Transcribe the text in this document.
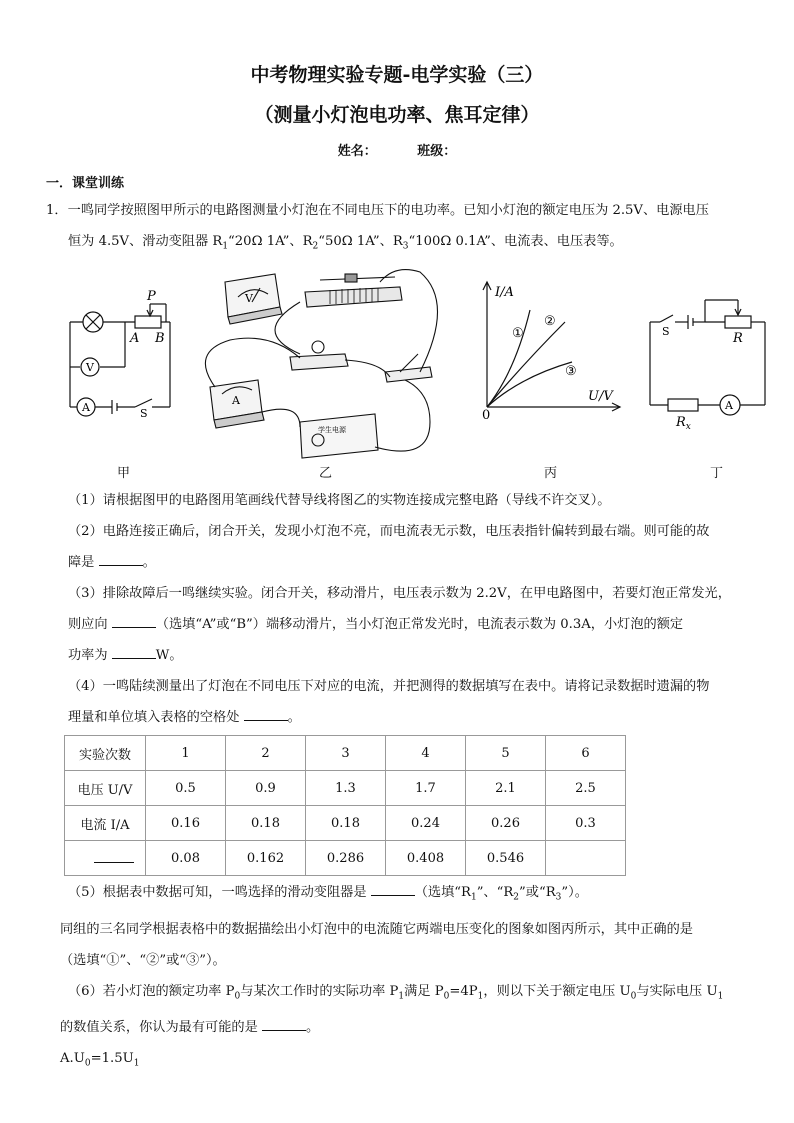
中考物理实验专题-电学实验（三）
（测量小灯泡电功率、焦耳定律）
姓名：	班级：
一．课堂训练
1．一鸣同学按照图甲所示的电路图测量小灯泡在不同电压下的电功率。已知小灯泡的额定电压为 2.5V、电源电压
恒为 4.5V、滑动变阻器 $R_1“20\Omega$ 1A”、$R_2“50\Omega$ 1A”、$R_3“100\Omega$ 0.1A”、电流表、电压表等。
P
A B
V
A	S
V
A
学生电源
I/A
U/V
0
①
②
③
S	R
$R_x$
A
甲	乙	丙	丁
（1）请根据图甲的电路图用笔画线代替导线将图乙的实物连接成完整电路（导线不许交叉）。
（2）电路连接正确后，闭合开关，发现小灯泡不亮，而电流表无示数，电压表指针偏转到最右端。则可能的故
障是	。
（3）排除故障后一鸣继续实验。闭合开关，移动滑片，电压表示数为 2.2V，在甲电路图中，若要灯泡正常发光，
则应向	（选填“A”或“B”）端移动滑片，当小灯泡正常发光时，电流表示数为 0.3A，小灯泡的额定
功率为	W。
（4）一鸣陆续测量出了灯泡在不同电压下对应的电流，并把测得的数据填写在表中。请将记录数据时遗漏的物
理量和单位填入表格的空格处	。
实验次数	1	2	3	4	5	6
电压 U/V	0.5	0.9	1.3	1.7	2.1	2.5
电流 I/A	0.16	0.18	0.18	0.24	0.26	0.3
	0.08	0.162	0.286	0.408	0.546	
（5）根据表中数据可知，一鸣选择的滑动变阻器是	（选填“$R_1$”、“$R_2$”或“$R_3$”）。
同组的三名同学根据表格中的数据描绘出小灯泡中的电流随它两端电压变化的图象如图丙所示，其中正确的是
（选填“①”、“②”或“③”）。
（6）若小灯泡的额定功率 $P_0$与某次工作时的实际功率 $P_1$满足 $P_0=4P_1$，则以下关于额定电压 $U_0$与实际电压 $U_1$
的数值关系，你认为最有可能的是	。
$A.U_0=1.5U_1$
